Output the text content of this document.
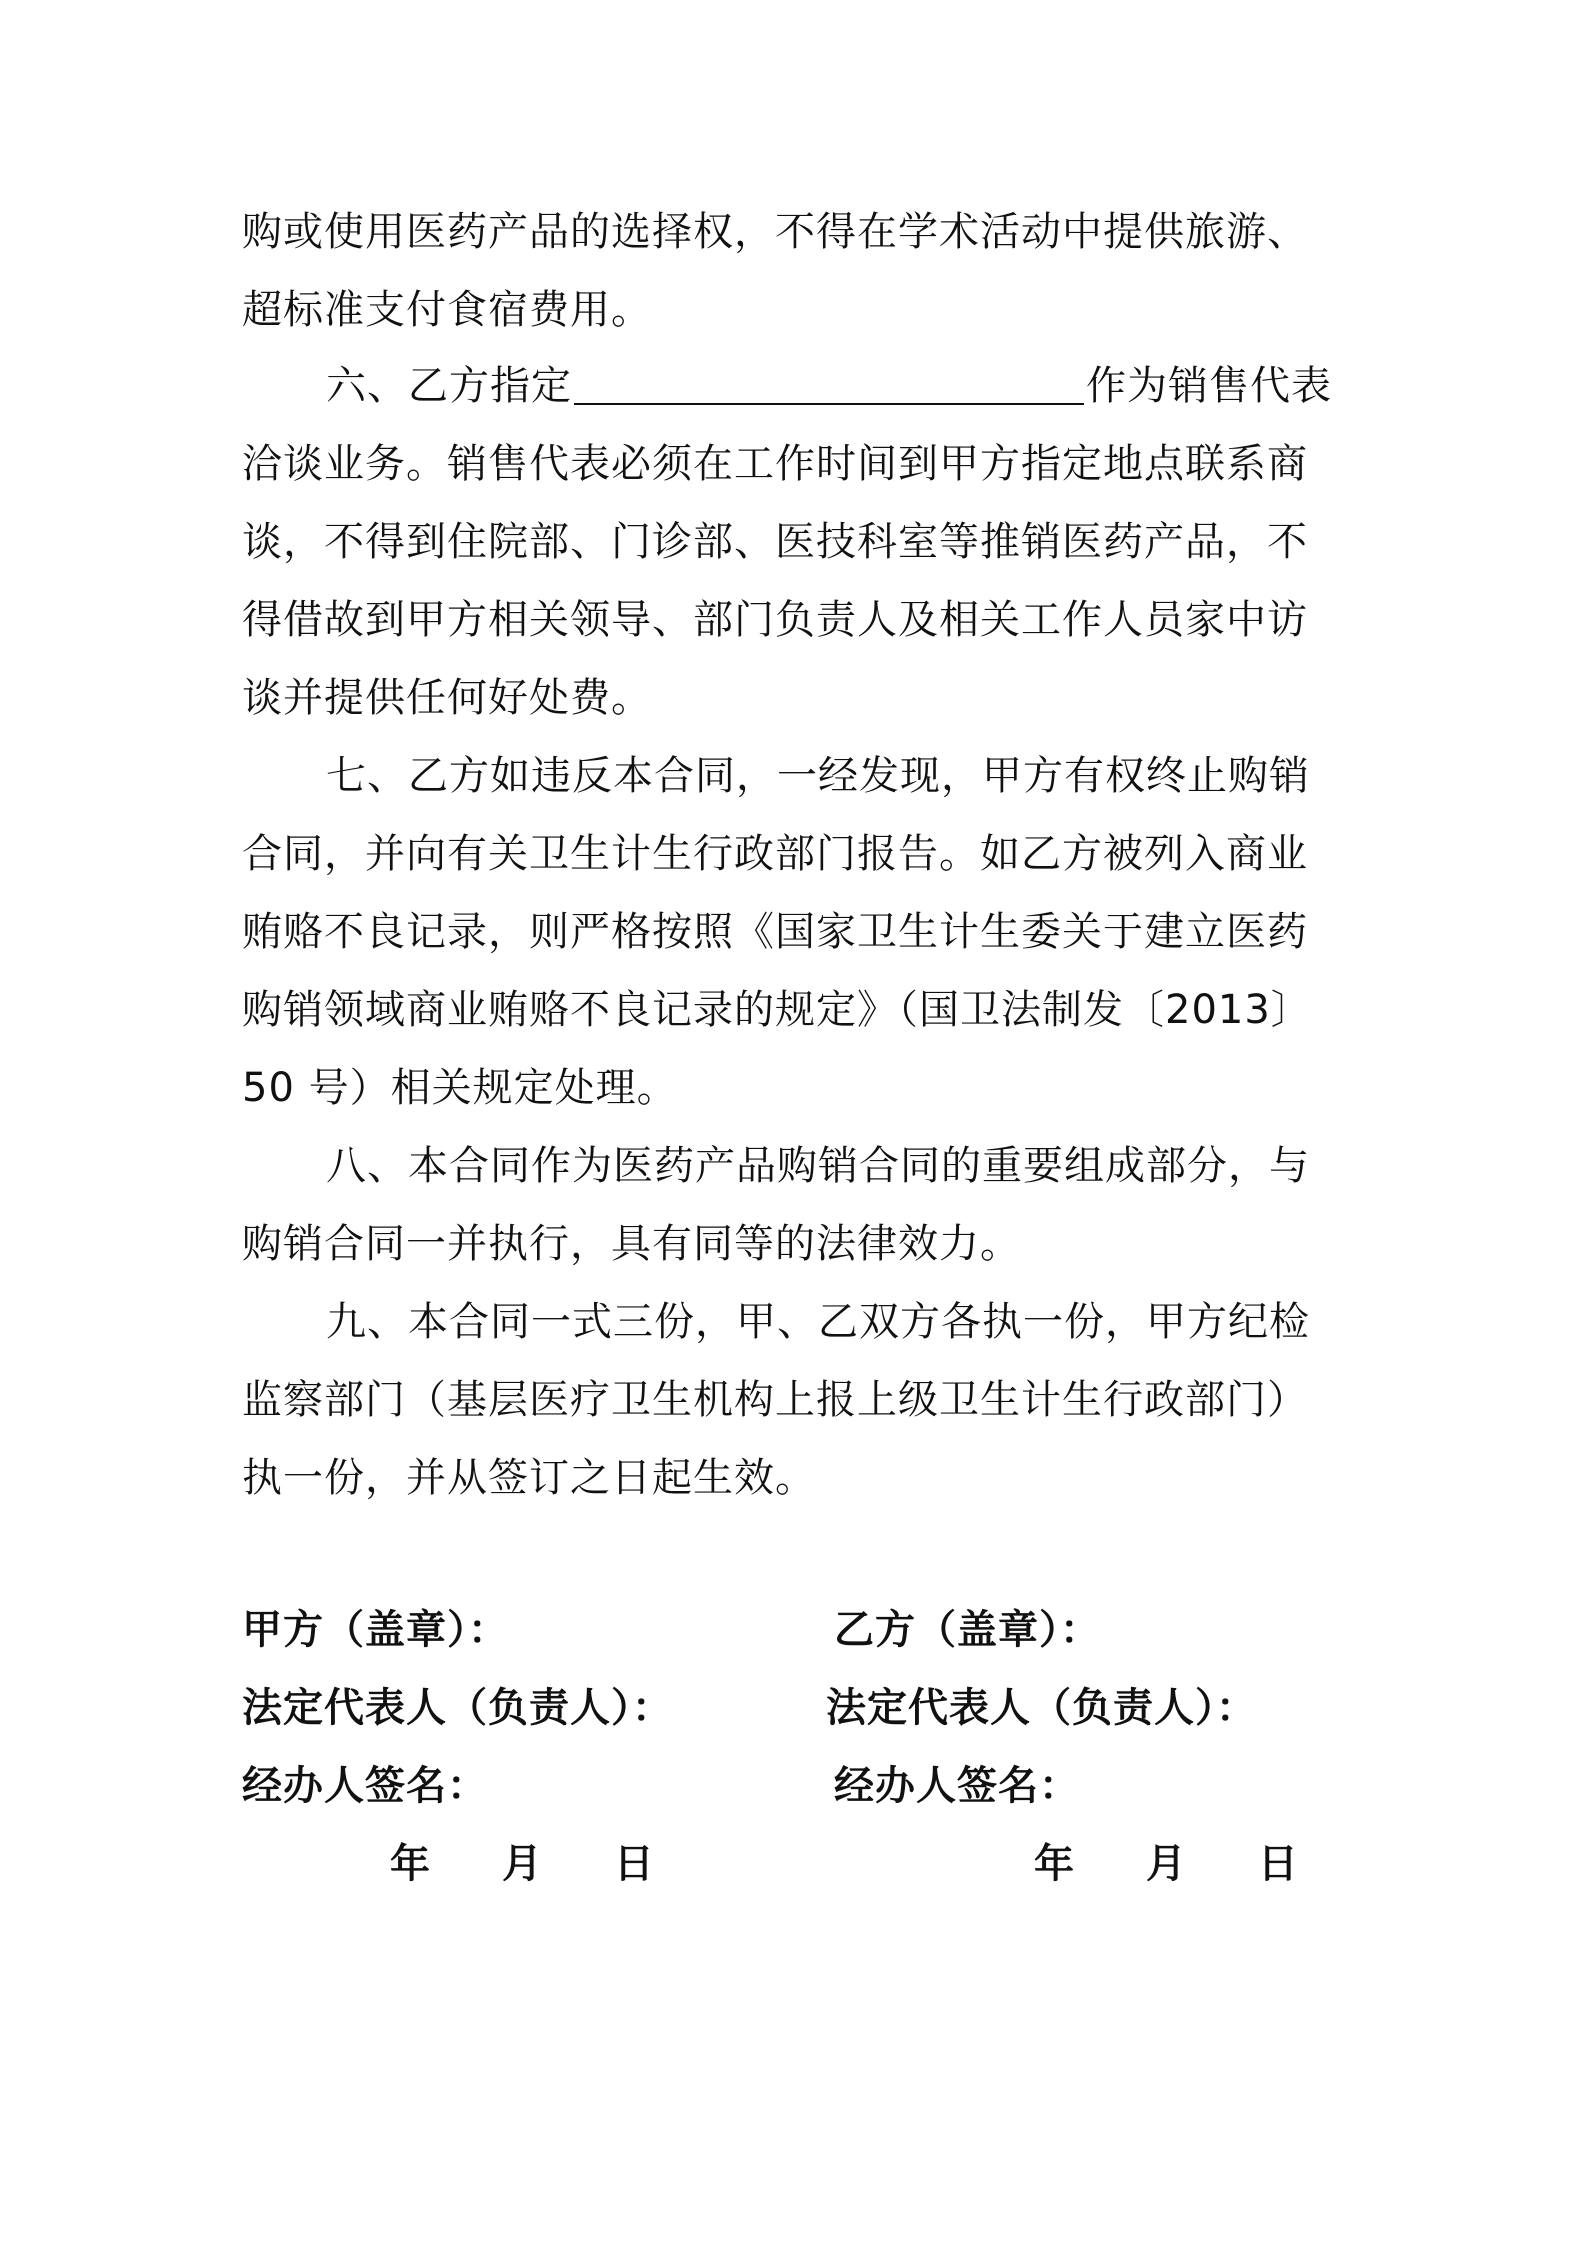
购或使用医药产品的选择权，不得在学术活动中提供旅游、
超标准支付食宿费用。
六、乙方指定	作为销售代表
洽谈业务。销售代表必须在工作时间到甲方指定地点联系商
谈，不得到住院部、门诊部、医技科室等推销医药产品，不
得借故到甲方相关领导、部门负责人及相关工作人员家中访
谈并提供任何好处费。
七、乙方如违反本合同，一经发现，甲方有权终止购销
合同，并向有关卫生计生行政部门报告。如乙方被列入商业
贿赂不良记录，则严格按照《国家卫生计生委关于建立医药
购销领域商业贿赂不良记录的规定》（国卫法制发〔2013〕
50 号）相关规定处理。
八、本合同作为医药产品购销合同的重要组成部分，与
购销合同一并执行，具有同等的法律效力。
九、本合同一式三份，甲、乙双方各执一份，甲方纪检
监察部门（基层医疗卫生机构上报上级卫生计生行政部门）
执一份，并从签订之日起生效。
甲方（盖章）：
法定代表人（负责人）：
经办人签名：
年 月 日
乙方（盖章）：
法定代表人（负责人）：
经办人签名：
年 月 日
